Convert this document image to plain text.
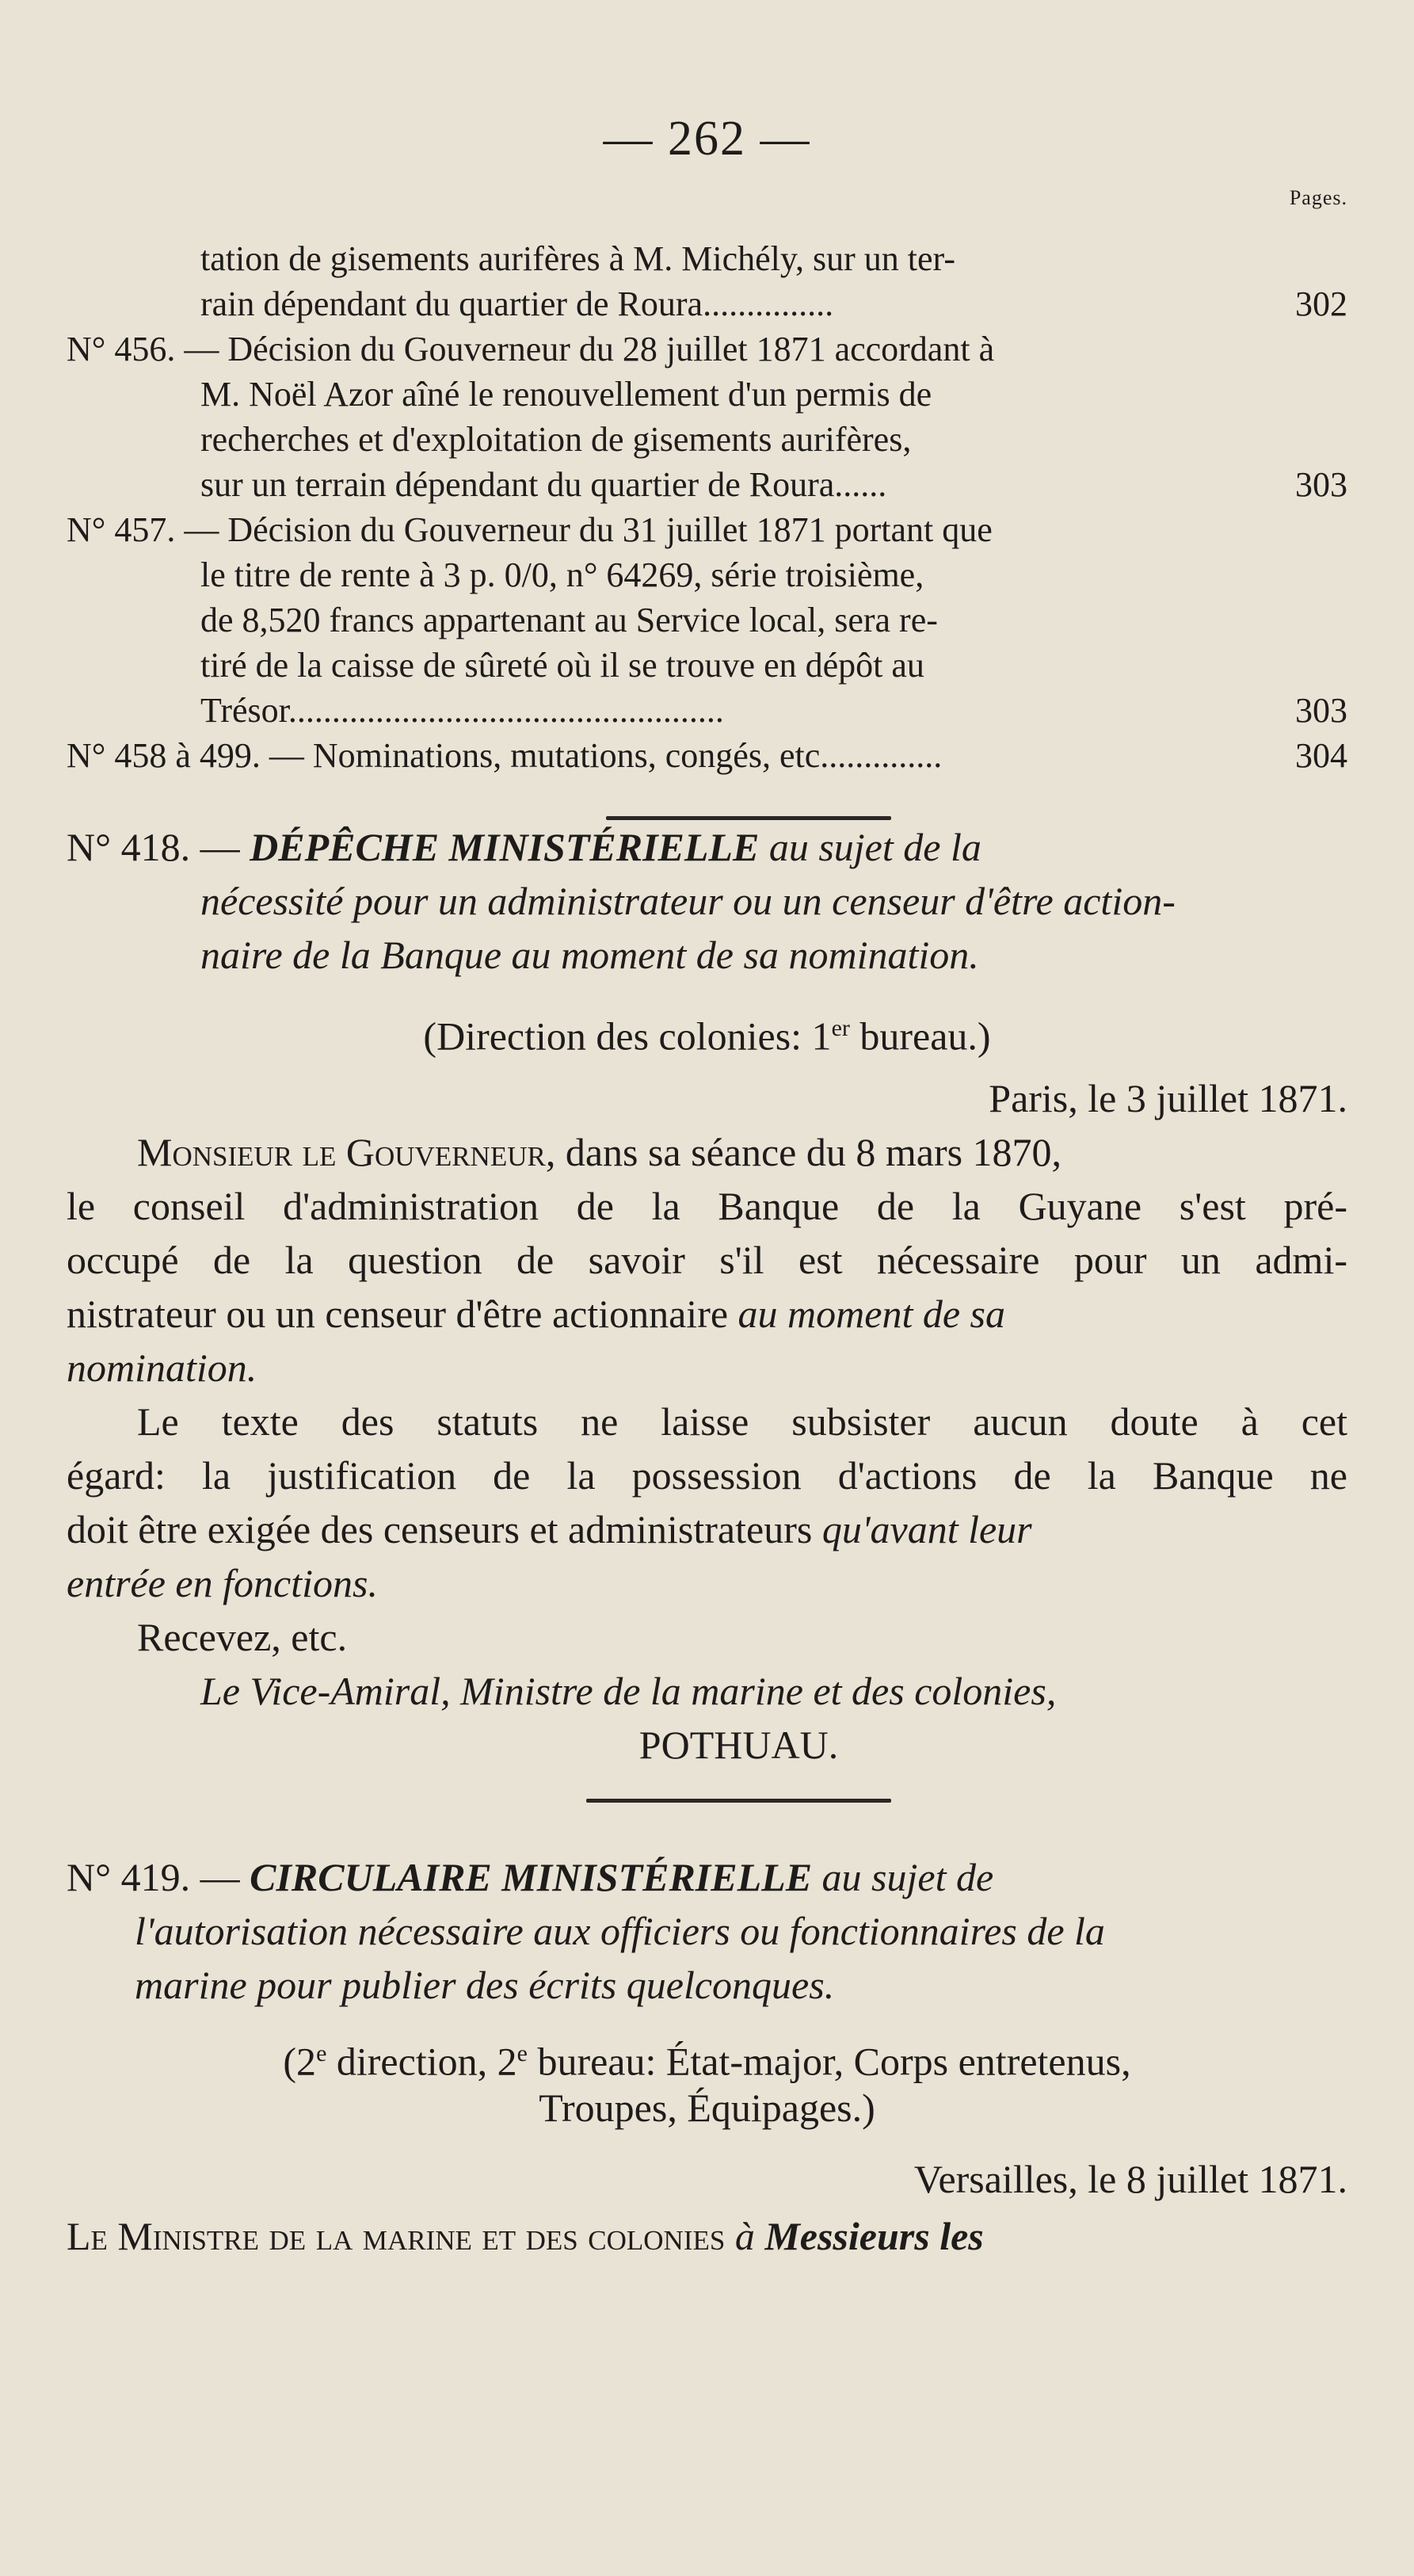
— 262 —
Pages.
tation de gisements aurifères à M. Michély, sur un ter-
rain dépendant du quartier de Roura...............	302
N° 456. — Décision du Gouverneur du 28 juillet 1871 accordant à
M. Noël Azor aîné le renouvellement d'un permis de
recherches et d'exploitation de gisements aurifères,
sur un terrain dépendant du quartier de Roura......	303
N° 457. — Décision du Gouverneur du 31 juillet 1871 portant que
le titre de rente à 3 p. 0/0, n° 64269, série troisième,
de 8,520 francs appartenant au Service local, sera re-
tiré de la caisse de sûreté où il se trouve en dépôt au
Trésor..................................................	303
N° 458 à 499. — Nominations, mutations, congés, etc..............	304
N° 418. — DÉPÊCHE MINISTÉRIELLE au sujet de la
nécessité pour un administrateur ou un censeur d'être action-
naire de la Banque au moment de sa nomination.
(Direction des colonies: 1er bureau.)
Paris, le 3 juillet 1871.
Monsieur le Gouverneur, dans sa séance du 8 mars 1870,
le conseil d'administration de la Banque de la Guyane s'est pré-
occupé de la question de savoir s'il est nécessaire pour un admi-
nistrateur ou un censeur d'être actionnaire au moment de sa
nomination.
Le texte des statuts ne laisse subsister aucun doute à cet
égard: la justification de la possession d'actions de la Banque ne
doit être exigée des censeurs et administrateurs qu'avant leur
entrée en fonctions.
Recevez, etc.
Le Vice-Amiral, Ministre de la marine et des colonies,
POTHUAU.
N° 419. — CIRCULAIRE MINISTÉRIELLE au sujet de
l'autorisation nécessaire aux officiers ou fonctionnaires de la
marine pour publier des écrits quelconques.
(2e direction, 2e bureau: État-major, Corps entretenus,
Troupes, Équipages.)
Versailles, le 8 juillet 1871.
Le Ministre de la marine et des colonies à Messieurs les
